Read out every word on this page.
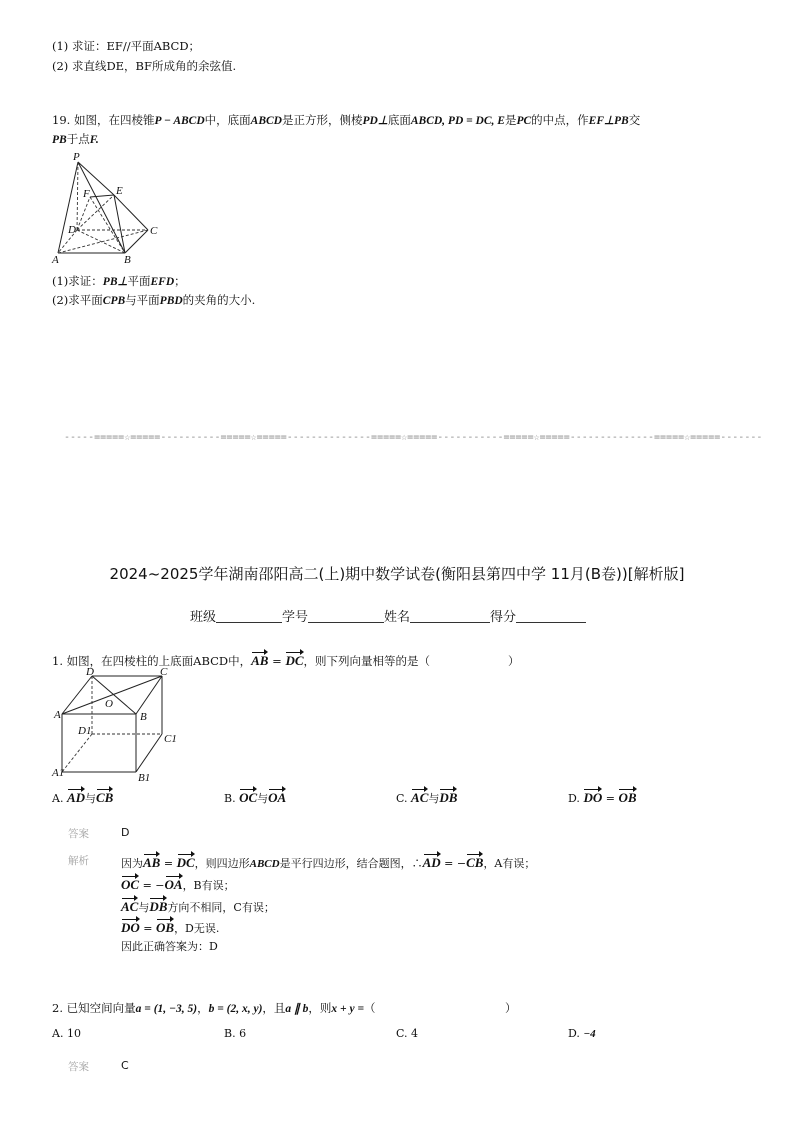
(1) 求证：EF//平面ABCD；
(2) 求直线DE，BF所成角的余弦值.
19. 如图，在四棱锥P − ABCD中，底面ABCD是正方形，侧棱PD⊥底面ABCD, PD = DC, E是PC的中点，作EF⊥PB交
PB于点F.
P
F E
D	C
A	B
(1)求证：PB⊥平面EFD；
(2)求平面CPB与平面PBD的夹角的大小.
-----=====☆=====----------=====☆=====--------------=====☆=====-----------=====☆=====--------------=====☆=====-------
2024~2025学年湖南邵阳高二(上)期中数学试卷(衡阳县第四中学 11月(B卷))[解析版]
班级	学号	姓名	得分
1. 如图，在四棱柱的上底面ABCD中，AB = DC，则下列向量相等的是（	）
D	C
A
O
B
D1
C1
A1	B1
A. AD与CB	B. OC与OA	C. AC与DB	D. DO = OB
答案	D
解析	因为AB = DC，则四边形ABCD是平行四边形，结合题图，∴AD = −CB，A有误；
OC = −OA，B有误；
AC与DB方向不相同，C有误；
DO = OB，D无误.
因此正确答案为：D
2. 已知空间向量a = (1, −3, 5)，b = (2, x, y)，且a ∥ b，则x + y =（	）
A. 10	B. 6	C. 4	D. −4
答案	C
